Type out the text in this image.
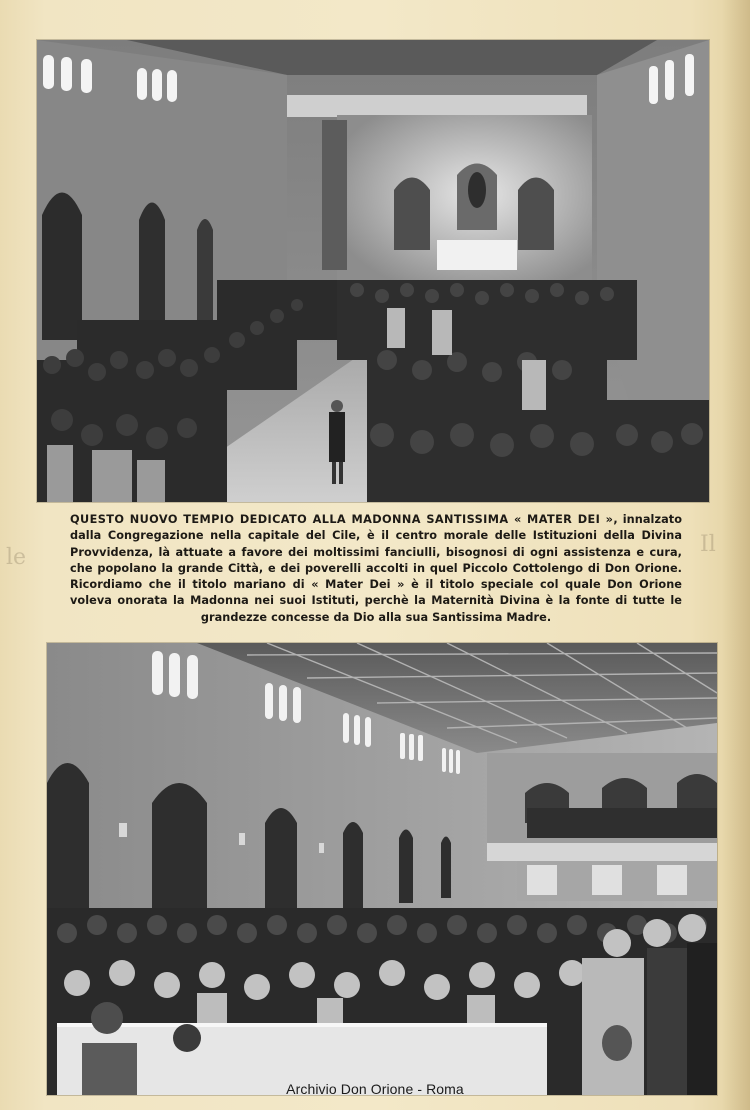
le
Il
QUESTO NUOVO TEMPIO DEDICATO ALLA MADONNA SANTISSIMA « MATER DEI », innalzato dalla Congregazione nella capitale del Cile, è il centro morale delle Istituzioni della Divina Provvidenza, là attuate a favore dei moltissimi fanciulli, bisognosi di ogni assistenza e cura, che popolano la grande Città, e dei poverelli accolti in quel Piccolo Cottolengo di Don Orione. Ricordiamo che il titolo mariano di « Mater Dei » è il titolo speciale col quale Don Orione voleva onorata la Madonna nei suoi Istituti, perchè la Maternità Divina è la fonte di tutte le grandezze concesse da Dio alla sua Santissima Madre.
Archivio Don Orione - Roma
